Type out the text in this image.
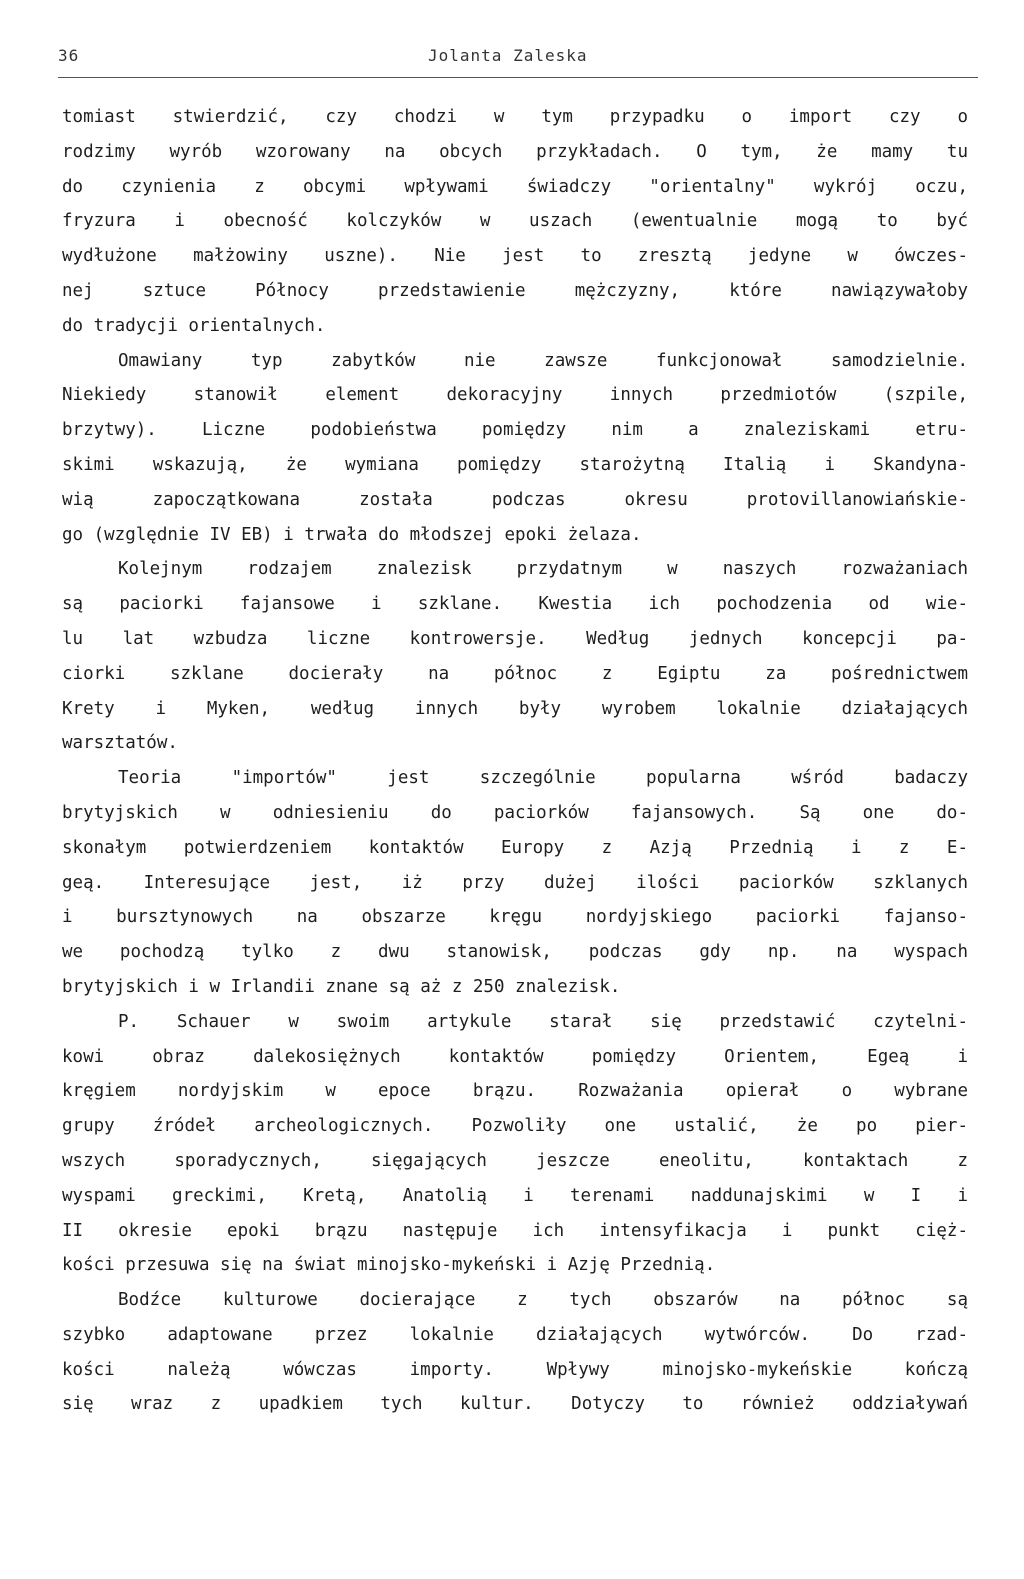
36	Jolanta Zaleska
tomiast stwierdzić, czy chodzi w tym przypadku o import czy o
rodzimy wyrób wzorowany na obcych przykładach. O tym, że mamy tu
do czynienia z obcymi wpływami świadczy "orientalny" wykrój oczu,
fryzura i obecność kolczyków w uszach (ewentualnie mogą to być
wydłużone małżowiny uszne). Nie jest to zresztą jedyne w ówczes-
nej sztuce Północy przedstawienie mężczyzny, które nawiązywałoby
do tradycji orientalnych.
Omawiany typ zabytków nie zawsze funkcjonował samodzielnie.
Niekiedy stanowił element dekoracyjny innych przedmiotów (szpile,
brzytwy). Liczne podobieństwa pomiędzy nim a znaleziskami etru-
skimi wskazują, że wymiana pomiędzy starożytną Italią i Skandyna-
wią zapoczątkowana została podczas okresu protovillanowiańskie-
go (względnie IV EB) i trwała do młodszej epoki żelaza.
Kolejnym rodzajem znalezisk przydatnym w naszych rozważaniach
są paciorki fajansowe i szklane. Kwestia ich pochodzenia od wie-
lu lat wzbudza liczne kontrowersje. Według jednych koncepcji pa-
ciorki szklane docierały na północ z Egiptu za pośrednictwem
Krety i Myken, według innych były wyrobem lokalnie działających
warsztatów.
Teoria "importów" jest szczególnie popularna wśród badaczy
brytyjskich w odniesieniu do paciorków fajansowych. Są one do-
skonałym potwierdzeniem kontaktów Europy z Azją Przednią i z E-
geą. Interesujące jest, iż przy dużej ilości paciorków szklanych
i bursztynowych na obszarze kręgu nordyjskiego paciorki fajanso-
we pochodzą tylko z dwu stanowisk, podczas gdy np. na wyspach
brytyjskich i w Irlandii znane są aż z 250 znalezisk.
P. Schauer w swoim artykule starał się przedstawić czytelni-
kowi obraz dalekosiężnych kontaktów pomiędzy Orientem, Egeą i
kręgiem nordyjskim w epoce brązu. Rozważania opierał o wybrane
grupy źródeł archeologicznych. Pozwoliły one ustalić, że po pier-
wszych sporadycznych, sięgających jeszcze eneolitu, kontaktach z
wyspami greckimi, Kretą, Anatolią i terenami naddunajskimi w I i
II okresie epoki brązu następuje ich intensyfikacja i punkt cięż-
kości przesuwa się na świat minojsko-mykeński i Azję Przednią.
Bodźce kulturowe docierające z tych obszarów na północ są
szybko adaptowane przez lokalnie działających wytwórców. Do rzad-
kości należą wówczas importy. Wpływy minojsko-mykeńskie kończą
się wraz z upadkiem tych kultur. Dotyczy to również oddziaływań
